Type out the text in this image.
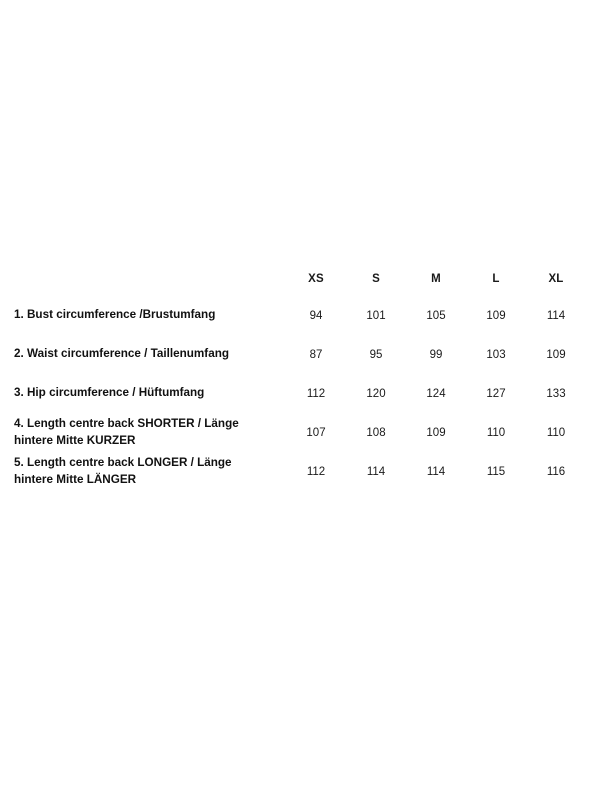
	XS	S	M	L	XL
1. Bust circumference /Brustumfang	94	101	105	109	114
2. Waist circumference / Taillenumfang	87	95	99	103	109
3. Hip circumference / Hüftumfang	112	120	124	127	133
4. Length centre back SHORTER / Länge hintere Mitte KURZER	107	108	109	110	110
5. Length centre back LONGER / Länge hintere Mitte LÄNGER	112	114	114	115	116
